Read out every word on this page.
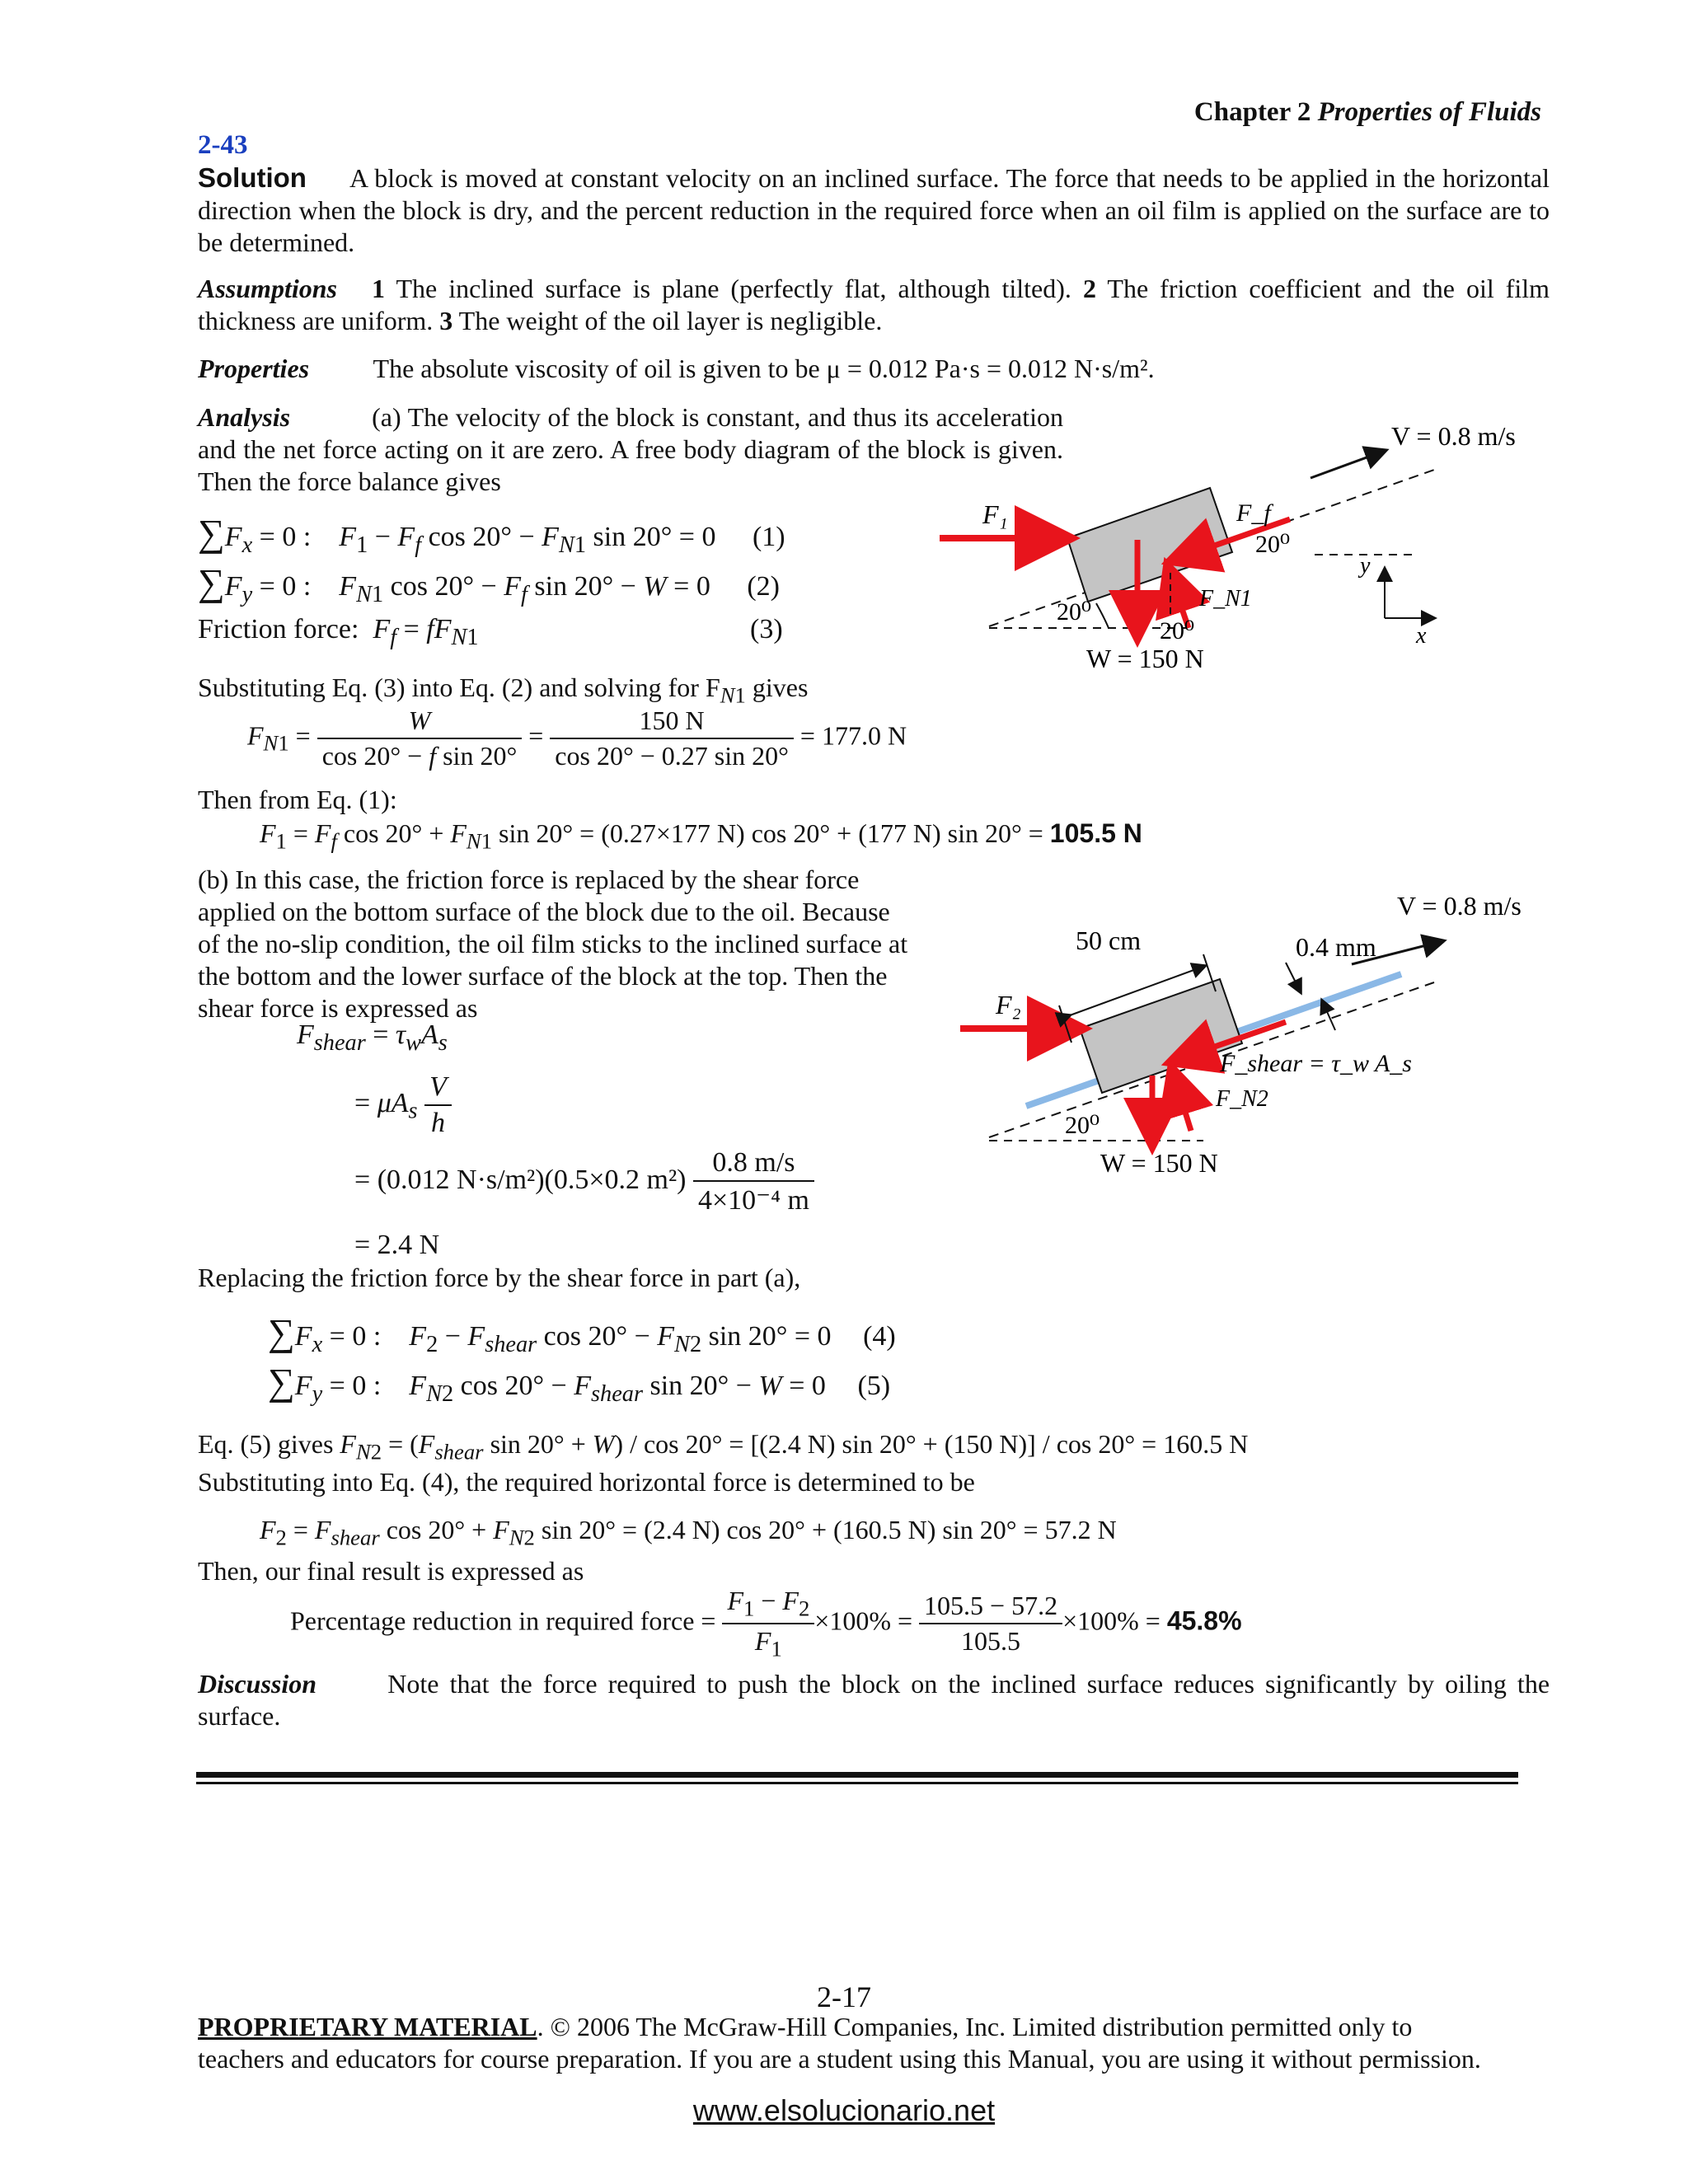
Chapter 2 Properties of Fluids
2-43
Solution A block is moved at constant velocity on an inclined surface. The force that needs to be applied in the horizontal direction when the block is dry, and the percent reduction in the required force when an oil film is applied on the surface are to be determined.
Assumptions 1 The inclined surface is plane (perfectly flat, although tilted). 2 The friction coefficient and the oil film thickness are uniform. 3 The weight of the oil layer is negligible.
Properties The absolute viscosity of oil is given to be μ = 0.012 Pa·s = 0.012 N·s/m².
Analysis	(a) The velocity of the block is constant, and thus its acceleration and the net force acting on it are zero. A free body diagram of the block is given. Then the force balance gives
$\sum F_x = 0$ :    $F_1 - F_f$ $\cos 20^\circ - F_{N1}$ sin 20° = 0 (1)
$\sum F_y = 0$ :    $F_{N1}$ $\cos 20^\circ - F_f$ sin 20° − W = 0 (2)
Friction force: $F_f = fF_{N1}$	(3)
Substituting Eq. (3) into Eq. (2) and solving for $F_{N1}$ gives
$F_{N1} = \frac{W}{\text{cos 20° − f sin 20°}} = \frac{150 N}{\cos 20^\circ - 0.27 \sin 20^\circ} = 177.0$ N
Then from Eq. (1):
$F_1 = F_f$ $\cos 20^\circ + F_{N1}$ sin 20° = (0.27×177 N) cos 20° + (177 N) sin 20° = 105.5 N
(b) In this case, the friction force is replaced by the shear force applied on the bottom surface of the block due to the oil. Because of the no-slip condition, the oil film sticks to the inclined surface at the bottom and the lower surface of the block at the top. Then the shear force is expressed as
$F_{shear} = \tau_wA_s$
= $\mu A_s \frac{V}{h}$
= (0.012 N·s/m²)(0.5×0.2 $m^2) \frac{0.8 m/s}{\text{4×10⁻⁴ m}}$
= 2.4 N
Replacing the friction force by the shear force in part (a),
$\sum F_x = 0$ :    $F_2 - F_{shear}$ $\cos 20^\circ - F_{N2}$ sin 20° = 0 (4)
$\sum F_y = 0$ :    $F_{N2}$ $\cos 20^\circ - F_{shear}$ sin 20° − W = 0 (5)
Eq. (5) gives $F_{N2} = (F_{shear}$ sin 20° + W) / cos 20° = [(2.4 N) sin 20° + (150 N)] / cos 20° = 160.5 N
Substituting into Eq. (4), the required horizontal force is determined to be
$F_2 = F_{shear}$ $\cos 20^\circ + F_{N2}$ sin 20° = (2.4 N) cos 20° + (160.5 N) sin 20° = 57.2 N
Then, our final result is expressed as
Percentage reduction in required force = $\frac{F_1 - F_2}{F_1} \times 100\% = \frac{105.5 - 57.2}{105.5} \times 100\% = 45.8\%$
Discussion	Note that the force required to push the block on the inclined surface reduces significantly by oiling the surface.
V = 0.8 m/s
F₁	F_f
20⁰
F_N1
20⁰
20⁰
W = 150 N
y
x
V = 0.8 m/s
50 cm	0.4 mm
F₂
F_shear = τ_w A_s
F_N2
20⁰
W = 150 N
2-17
PROPRIETARY MATERIAL. © 2006 The McGraw-Hill Companies, Inc. Limited distribution permitted only to
teachers and educators for course preparation. If you are a student using this Manual, you are using it without permission.
www.elsolucionario.net
